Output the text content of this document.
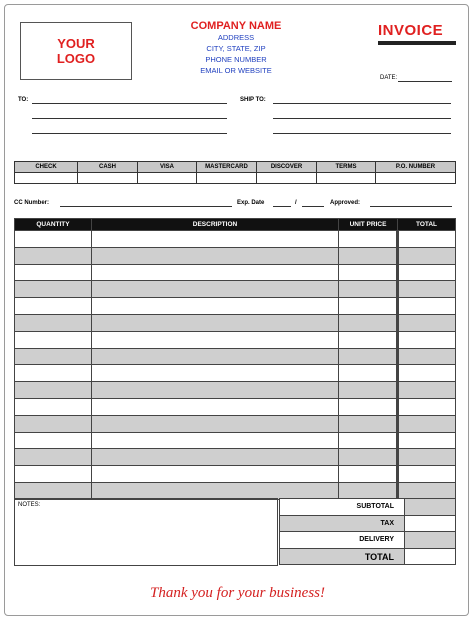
YOUR
LOGO
COMPANY NAME
ADDRESS
CITY, STATE, ZIP
PHONE NUMBER
EMAIL OR WEBSITE
INVOICE
DATE:
TO:	SHIP TO:
CHECK	CASH	VISA	MASTERCARD	DISCOVER	TERMS	P.O. NUMBER

CC Number:	Exp. Date	/	Approved:
QUANTITY	DESCRIPTION	UNIT PRICE	TOTAL

NOTES:	SUBTOTAL	
TAX	
DELIVERY	
TOTAL	
Thank you for your business!
